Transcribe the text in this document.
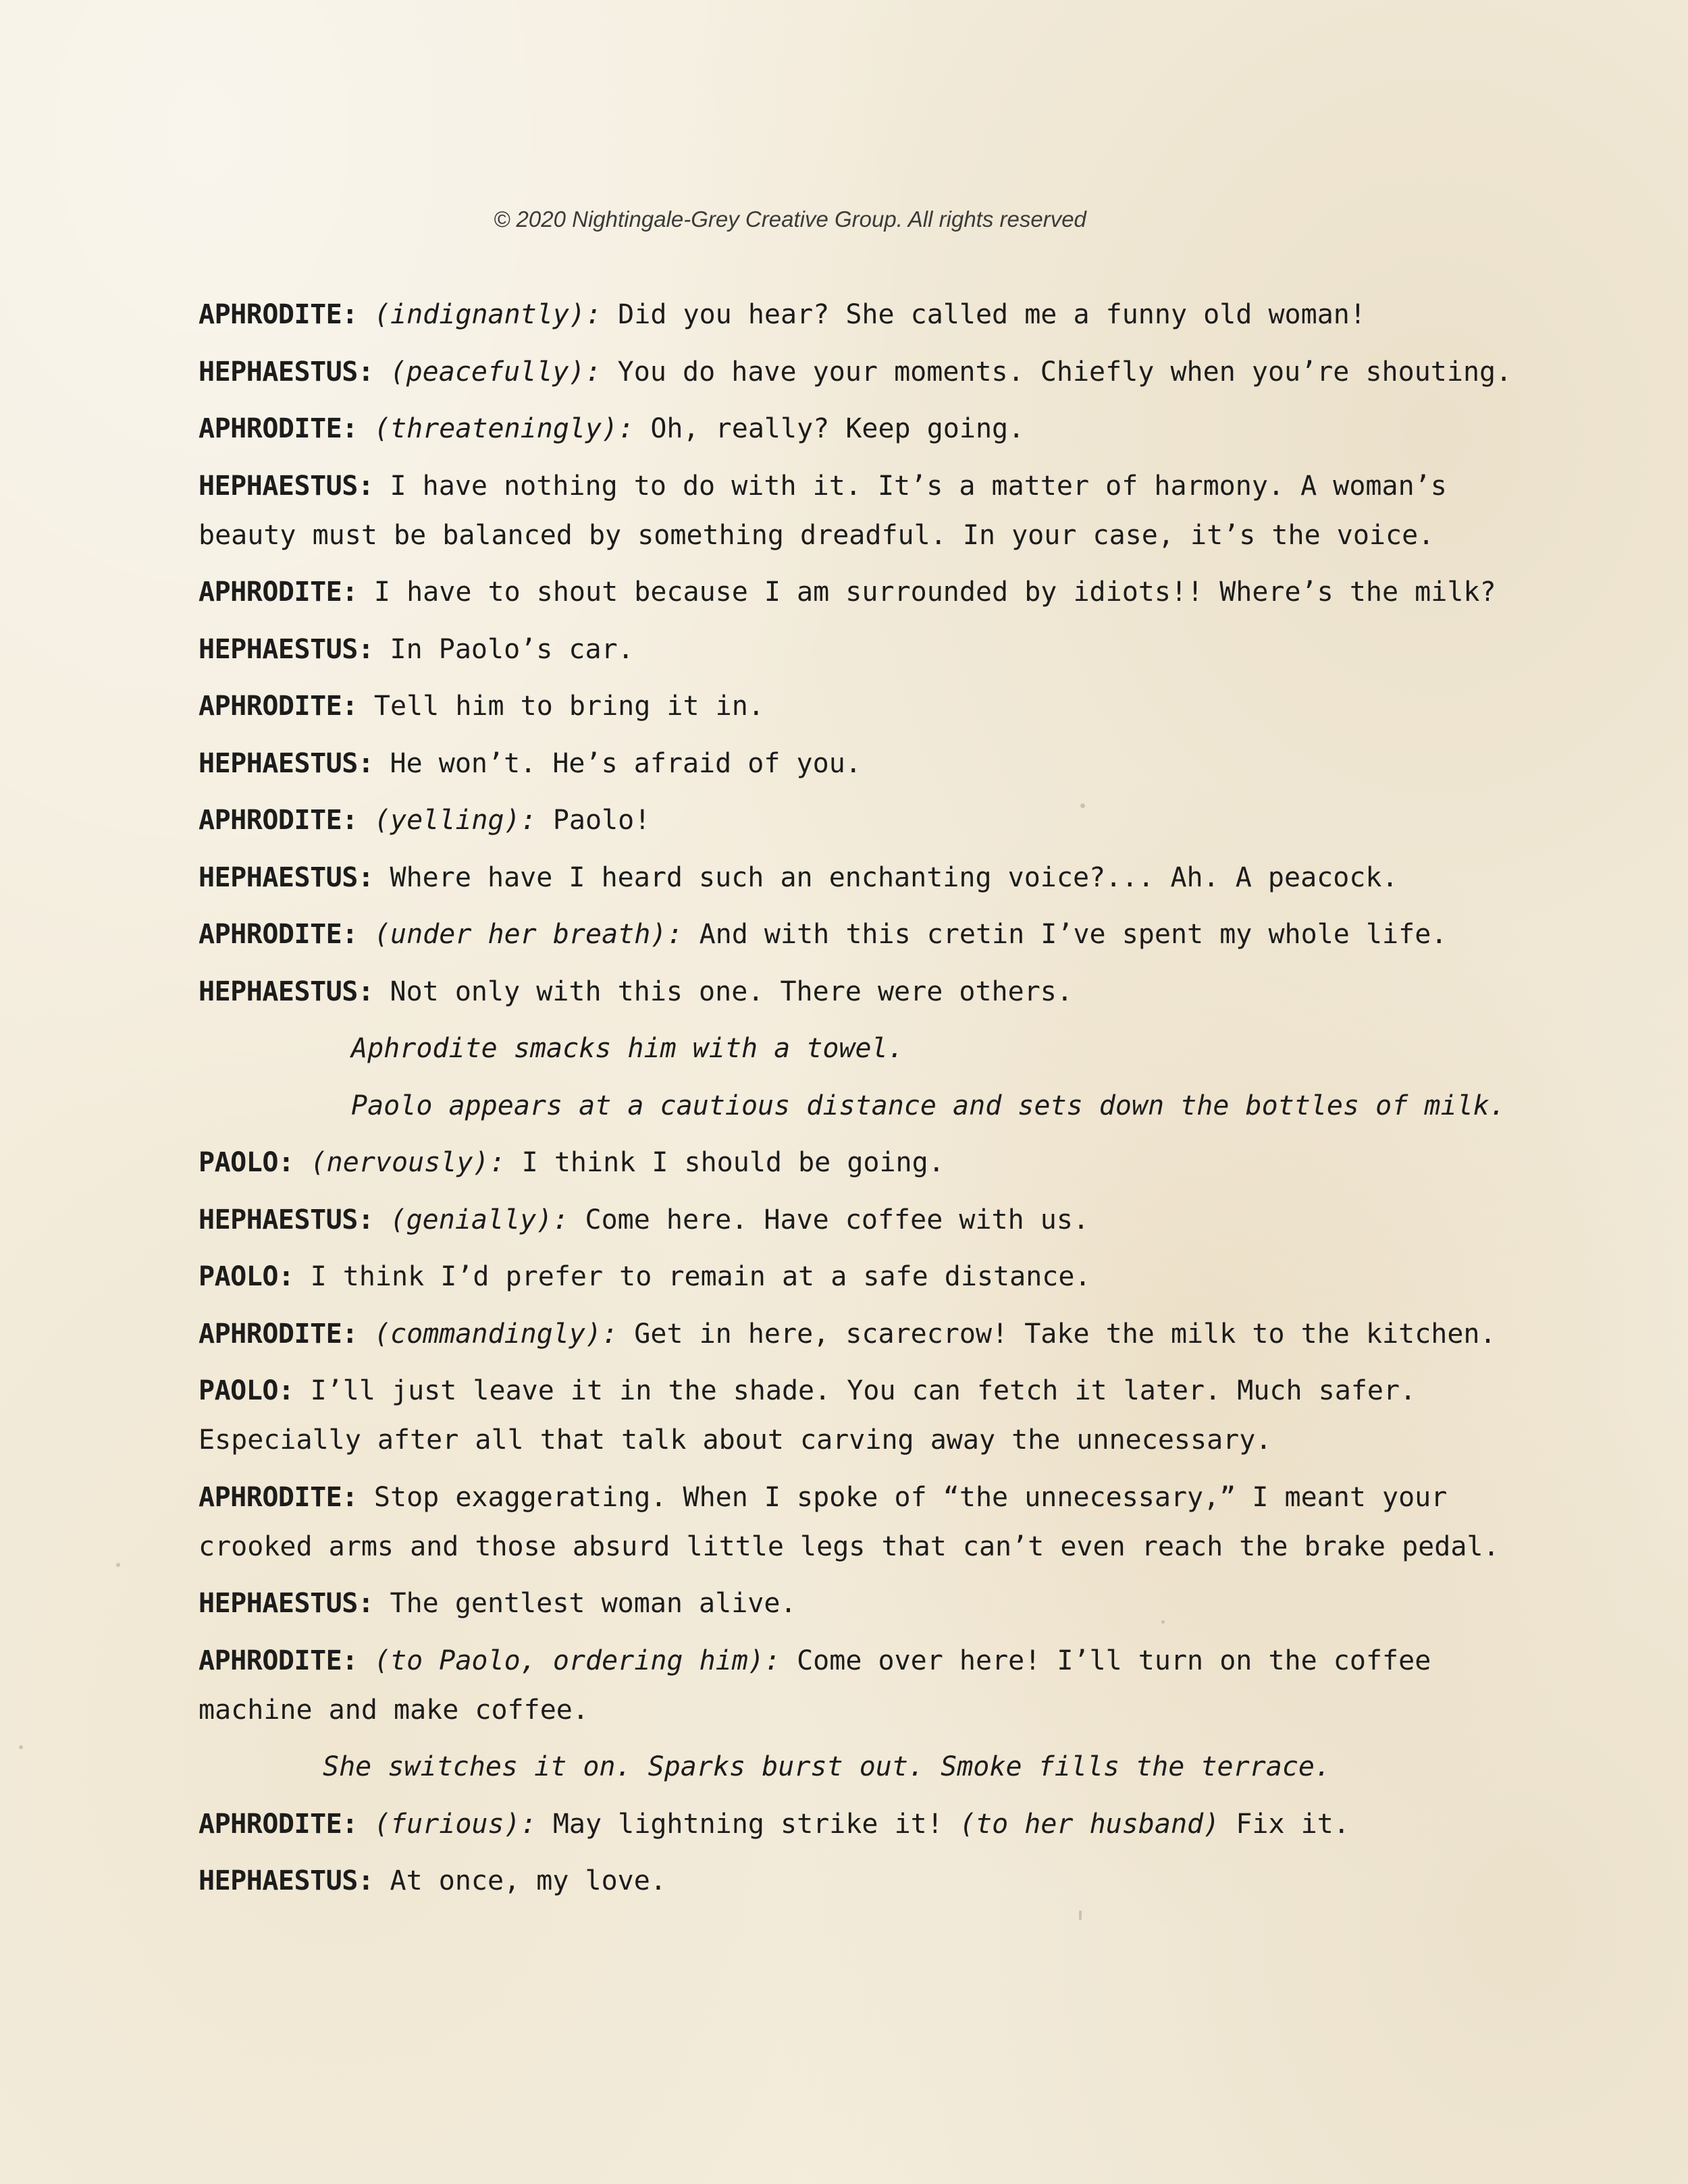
© 2020 Nightingale-Grey Creative Group. All rights reserved
APHRODITE: (indignantly): Did you hear? She called me a funny old woman!
HEPHAESTUS: (peacefully): You do have your moments. Chiefly when you’re shouting.
APHRODITE: (threateningly): Oh, really? Keep going.
HEPHAESTUS: I have nothing to do with it. It’s a matter of harmony. A woman’s beauty must be balanced by something dreadful. In your case, it’s the voice.
APHRODITE: I have to shout because I am surrounded by idiots!! Where’s the milk?
HEPHAESTUS: In Paolo’s car.
APHRODITE: Tell him to bring it in.
HEPHAESTUS: He won’t. He’s afraid of you.
APHRODITE: (yelling): Paolo!
HEPHAESTUS: Where have I heard such an enchanting voice?... Ah. A peacock.
APHRODITE: (under her breath): And with this cretin I’ve spent my whole life.
HEPHAESTUS: Not only with this one. There were others.
Aphrodite smacks him with a towel.
Paolo appears at a cautious distance and sets down the bottles of milk.
PAOLO: (nervously): I think I should be going.
HEPHAESTUS: (genially): Come here. Have coffee with us.
PAOLO: I think I’d prefer to remain at a safe distance.
APHRODITE: (commandingly): Get in here, scarecrow! Take the milk to the kitchen.
PAOLO: I’ll just leave it in the shade. You can fetch it later. Much safer. Especially after all that talk about carving away the unnecessary.
APHRODITE: Stop exaggerating. When I spoke of “the unnecessary,” I meant your crooked arms and those absurd little legs that can’t even reach the brake pedal.
HEPHAESTUS: The gentlest woman alive.
APHRODITE: (to Paolo, ordering him): Come over here! I’ll turn on the coffee machine and make coffee.
She switches it on. Sparks burst out. Smoke fills the terrace.
APHRODITE: (furious): May lightning strike it! (to her husband) Fix it.
HEPHAESTUS: At once, my love.
